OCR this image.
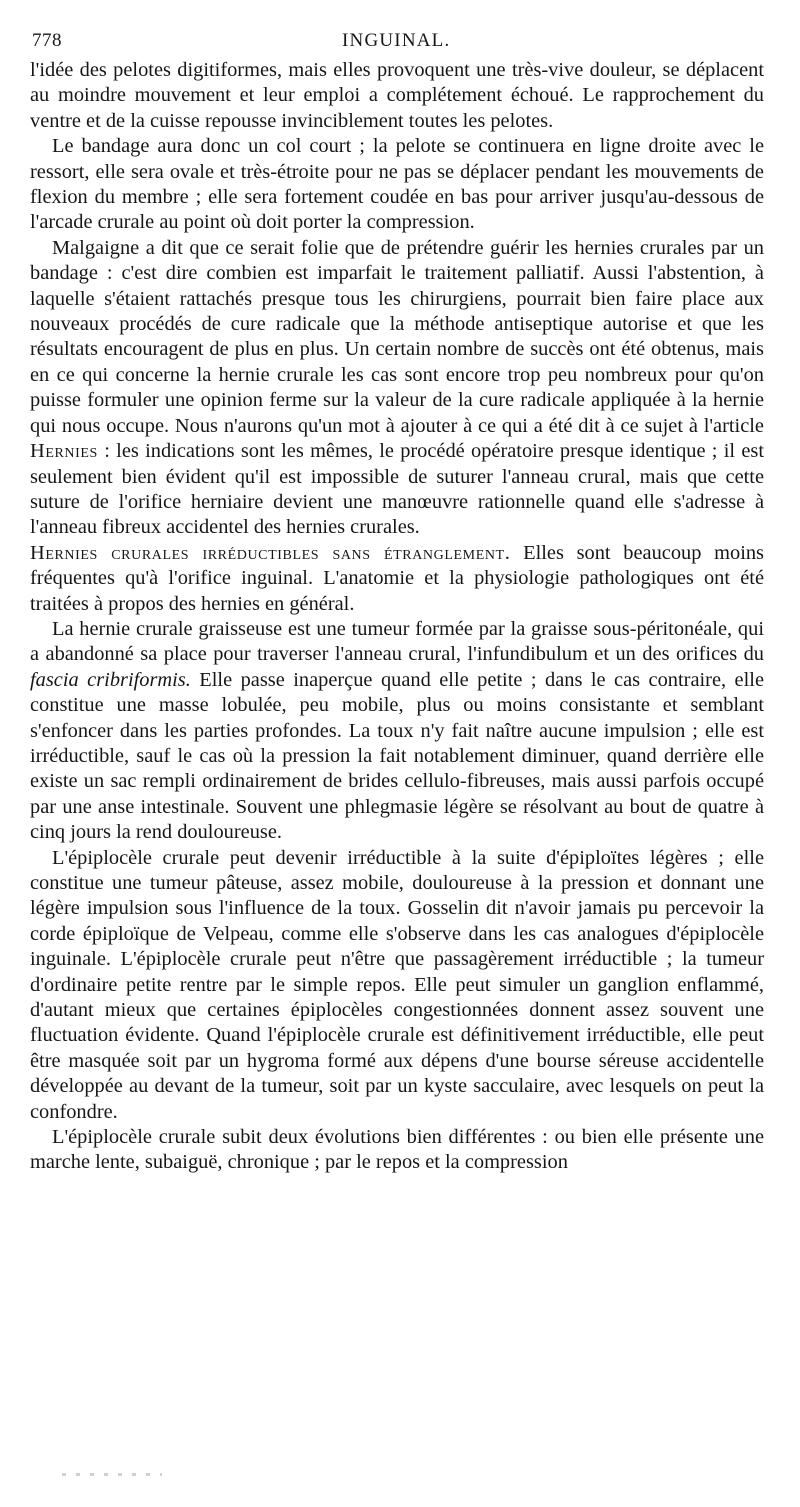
778	INGUINAL.

l'idée des pelotes digitiformes, mais elles provoquent une très-vive douleur, se déplacent au moindre mouvement et leur emploi a complétement échoué. Le rapprochement du ventre et de la cuisse repousse invinciblement toutes les pelotes.

Le bandage aura donc un col court ; la pelote se continuera en ligne droite avec le ressort, elle sera ovale et très-étroite pour ne pas se déplacer pendant les mouvements de flexion du membre ; elle sera fortement coudée en bas pour arriver jusqu'au-dessous de l'arcade crurale au point où doit porter la compression.

Malgaigne a dit que ce serait folie que de prétendre guérir les hernies crurales par un bandage : c'est dire combien est imparfait le traitement palliatif. Aussi l'abstention, à laquelle s'étaient rattachés presque tous les chirurgiens, pourrait bien faire place aux nouveaux procédés de cure radicale que la méthode antiseptique autorise et que les résultats encouragent de plus en plus. Un certain nombre de succès ont été obtenus, mais en ce qui concerne la hernie crurale les cas sont encore trop peu nombreux pour qu'on puisse formuler une opinion ferme sur la valeur de la cure radicale appliquée à la hernie qui nous occupe. Nous n'aurons qu'un mot à ajouter à ce qui a été dit à ce sujet à l'article Hernies : les indications sont les mêmes, le procédé opératoire presque identique ; il est seulement bien évident qu'il est impossible de suturer l'anneau crural, mais que cette suture de l'orifice herniaire devient une manœuvre rationnelle quand elle s'adresse à l'anneau fibreux accidentel des hernies crurales.

Hernies crurales irréductibles sans étranglement. Elles sont beaucoup moins fréquentes qu'à l'orifice inguinal. L'anatomie et la physiologie pathologiques ont été traitées à propos des hernies en général.

La hernie crurale graisseuse est une tumeur formée par la graisse sous-péritonéale, qui a abandonné sa place pour traverser l'anneau crural, l'infundibulum et un des orifices du fascia cribriformis. Elle passe inaperçue quand elle petite ; dans le cas contraire, elle constitue une masse lobulée, peu mobile, plus ou moins consistante et semblant s'enfoncer dans les parties profondes. La toux n'y fait naître aucune impulsion ; elle est irréductible, sauf le cas où la pression la fait notablement diminuer, quand derrière elle existe un sac rempli ordinairement de brides cellulo-fibreuses, mais aussi parfois occupé par une anse intestinale. Souvent une phlegmasie légère se résolvant au bout de quatre à cinq jours la rend douloureuse.

L'épiplocèle crurale peut devenir irréductible à la suite d'épiploïtes légères ; elle constitue une tumeur pâteuse, assez mobile, douloureuse à la pression et donnant une légère impulsion sous l'influence de la toux. Gosselin dit n'avoir jamais pu percevoir la corde épiploïque de Velpeau, comme elle s'observe dans les cas analogues d'épiplocèle inguinale. L'épiplocèle crurale peut n'être que passagèrement irréductible ; la tumeur d'ordinaire petite rentre par le simple repos. Elle peut simuler un ganglion enflammé, d'autant mieux que certaines épiplocèles congestionnées donnent assez souvent une fluctuation évidente. Quand l'épiplocèle crurale est définitivement irréductible, elle peut être masquée soit par un hygroma formé aux dépens d'une bourse séreuse accidentelle développée au devant de la tumeur, soit par un kyste sacculaire, avec lesquels on peut la confondre.

L'épiplocèle crurale subit deux évolutions bien différentes : ou bien elle présente une marche lente, subaiguë, chronique ; par le repos et la compression
